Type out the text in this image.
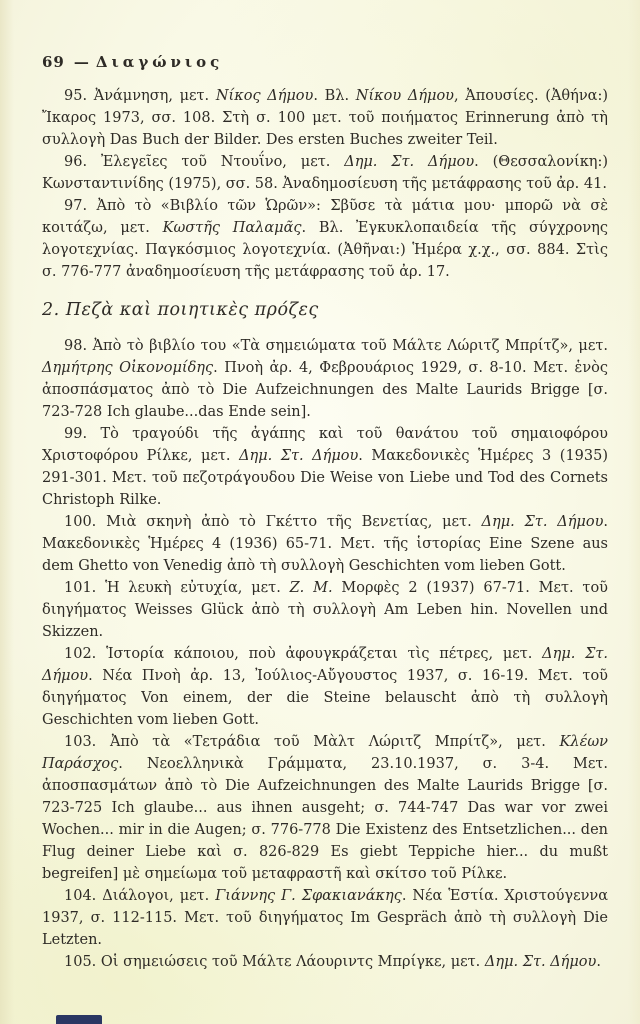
69 — Διαγώνιος

95. Ἀνάμνηση, μετ. Νίκος Δήμου. Βλ. Νίκου Δήμου, Ἀπουσίες. (Ἀθήνα:) Ἴκαρος 1973, σσ. 108. Στὴ σ. 100 μετ. τοῦ ποιήματος Erinnerung ἀπὸ τὴ συλλογὴ Das Buch der Bilder. Des ersten Buches zweiter Teil.

96. Ἐλεγεῖες τοῦ Ντουΐνο, μετ. Δημ. Στ. Δήμου. (Θεσσαλονίκη:) Κωνσταντινίδης (1975), σσ. 58. Ἀναδημοσίευση τῆς μετάφρασης τοῦ ἀρ. 41.

97. Ἀπὸ τὸ «Βιβλίο τῶν Ὡρῶν»: Σβῦσε τὰ μάτια μου· μπορῶ νὰ σὲ κοιτάζω, μετ. Κωστῆς Παλαμᾶς. Βλ. Ἐγκυκλοπαιδεία τῆς σύγχρονης λογοτεχνίας. Παγκόσμιος λογοτεχνία. (Ἀθῆναι:) Ἡμέρα χ.χ., σσ. 884. Στὶς σ. 776-777 ἀναδημοσίευση τῆς μετάφρασης τοῦ ἀρ. 17.

2. Πεζὰ καὶ ποιητικὲς πρόζες

98. Ἀπὸ τὸ βιβλίο του «Τὰ σημειώματα τοῦ Μάλτε Λώριτζ Μπρίτζ», μετ. Δημήτρης Οἰκονομίδης. Πνοὴ ἀρ. 4, Φεβρουάριος 1929, σ. 8-10. Μετ. ἑνὸς ἀποσπάσματος ἀπὸ τὸ Die Aufzeichnungen des Malte Laurids Brigge [σ. 723-728 Ich glaube...das Ende sein].

99. Τὸ τραγούδι τῆς ἀγάπης καὶ τοῦ θανάτου τοῦ σημαιοφόρου Χριστοφόρου Ρίλκε, μετ. Δημ. Στ. Δήμου. Μακεδονικὲς Ἡμέρες 3 (1935) 291-301. Μετ. τοῦ πεζοτράγουδου Die Weise von Liebe und Tod des Cornets Christoph Rilke.

100. Μιὰ σκηνὴ ἀπὸ τὸ Γκέττο τῆς Βενετίας, μετ. Δημ. Στ. Δήμου. Μακεδονικὲς Ἡμέρες 4 (1936) 65-71. Μετ. τῆς ἱστορίας Eine Szene aus dem Ghetto von Venedig ἀπὸ τὴ συλλογὴ Geschichten vom lieben Gott.

101. Ἡ λευκὴ εὐτυχία, μετ. Ζ. Μ. Μορφὲς 2 (1937) 67-71. Μετ. τοῦ διηγήματος Weisses Glück ἀπὸ τὴ συλλογὴ Am Leben hin. Novellen und Skizzen.

102. Ἱστορία κάποιου, ποὺ ἀφουγκράζεται τὶς πέτρες, μετ. Δημ. Στ. Δήμου. Νέα Πνοὴ ἀρ. 13, Ἰούλιος-Αὔγουστος 1937, σ. 16-19. Μετ. τοῦ διηγήματος Von einem, der die Steine belauscht ἀπὸ τὴ συλλογὴ Geschichten vom lieben Gott.

103. Ἀπὸ τὰ «Τετράδια τοῦ Μὰλτ Λώριτζ Μπρίτζ», μετ. Κλέων Παράσχος. Νεοελληνικὰ Γράμματα, 23.10.1937, σ. 3-4. Μετ. ἀποσπασμάτων ἀπὸ τὸ Die Aufzeichnungen des Malte Laurids Brigge [σ. 723-725 Ich glaube... aus ihnen ausgeht; σ. 744-747 Das war vor zwei Wochen... mir in die Augen; σ. 776-778 Die Existenz des Entsetzlichen... den Flug deiner Liebe καὶ σ. 826-829 Es giebt Teppiche hier... du mußt begreifen] μὲ σημείωμα τοῦ μεταφραστῆ καὶ σκίτσο τοῦ Ρίλκε.

104. Διάλογοι, μετ. Γιάννης Γ. Σφακιανάκης. Νέα Ἑστία. Χριστούγεννα 1937, σ. 112-115. Μετ. τοῦ διηγήματος Im Gespräch ἀπὸ τὴ συλλογὴ Die Letzten.

105. Οἱ σημειώσεις τοῦ Μάλτε Λάουριντς Μπρίγκε, μετ. Δημ. Στ. Δήμου.
